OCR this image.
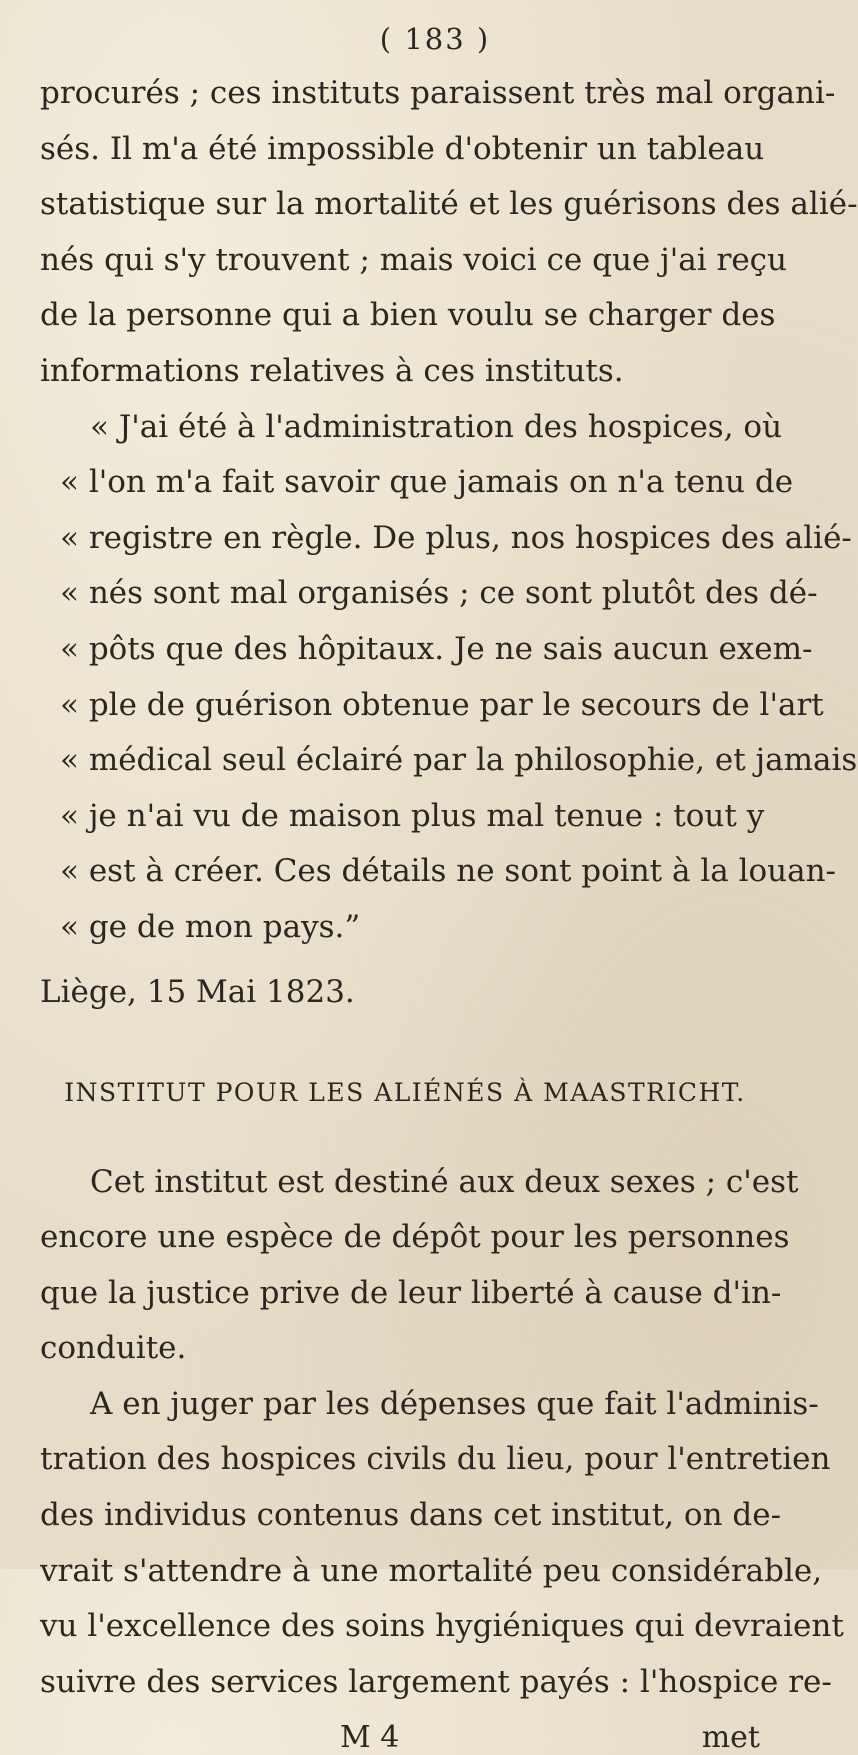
( 183 )

procurés ; ces instituts paraissent très mal organi-
sés. Il m'a été impossible d'obtenir un tableau
statistique sur la mortalité et les guérisons des alié-
nés qui s'y trouvent ; mais voici ce que j'ai reçu
de la personne qui a bien voulu se charger des
informations relatives à ces instituts.

« J'ai été à l'administration des hospices, où
« l'on m'a fait savoir que jamais on n'a tenu de
« registre en règle. De plus, nos hospices des alié-
« nés sont mal organisés ; ce sont plutôt des dé-
« pôts que des hôpitaux. Je ne sais aucun exem-
« ple de guérison obtenue par le secours de l'art
« médical seul éclairé par la philosophie, et jamais
« je n'ai vu de maison plus mal tenue : tout y
« est à créer. Ces détails ne sont point à la louan-
« ge de mon pays.”

Liège, 15 Mai 1823.

INSTITUT POUR LES ALIÉNÉS À MAASTRICHT.

Cet institut est destiné aux deux sexes ; c'est
encore une espèce de dépôt pour les personnes
que la justice prive de leur liberté à cause d'in-
conduite.

A en juger par les dépenses que fait l'adminis-
tration des hospices civils du lieu, pour l'entretien
des individus contenus dans cet institut, on de-
vrait s'attendre à une mortalité peu considérable,
vu l'excellence des soins hygiéniques qui devraient
suivre des services largement payés : l'hospice re-

M 4	met
